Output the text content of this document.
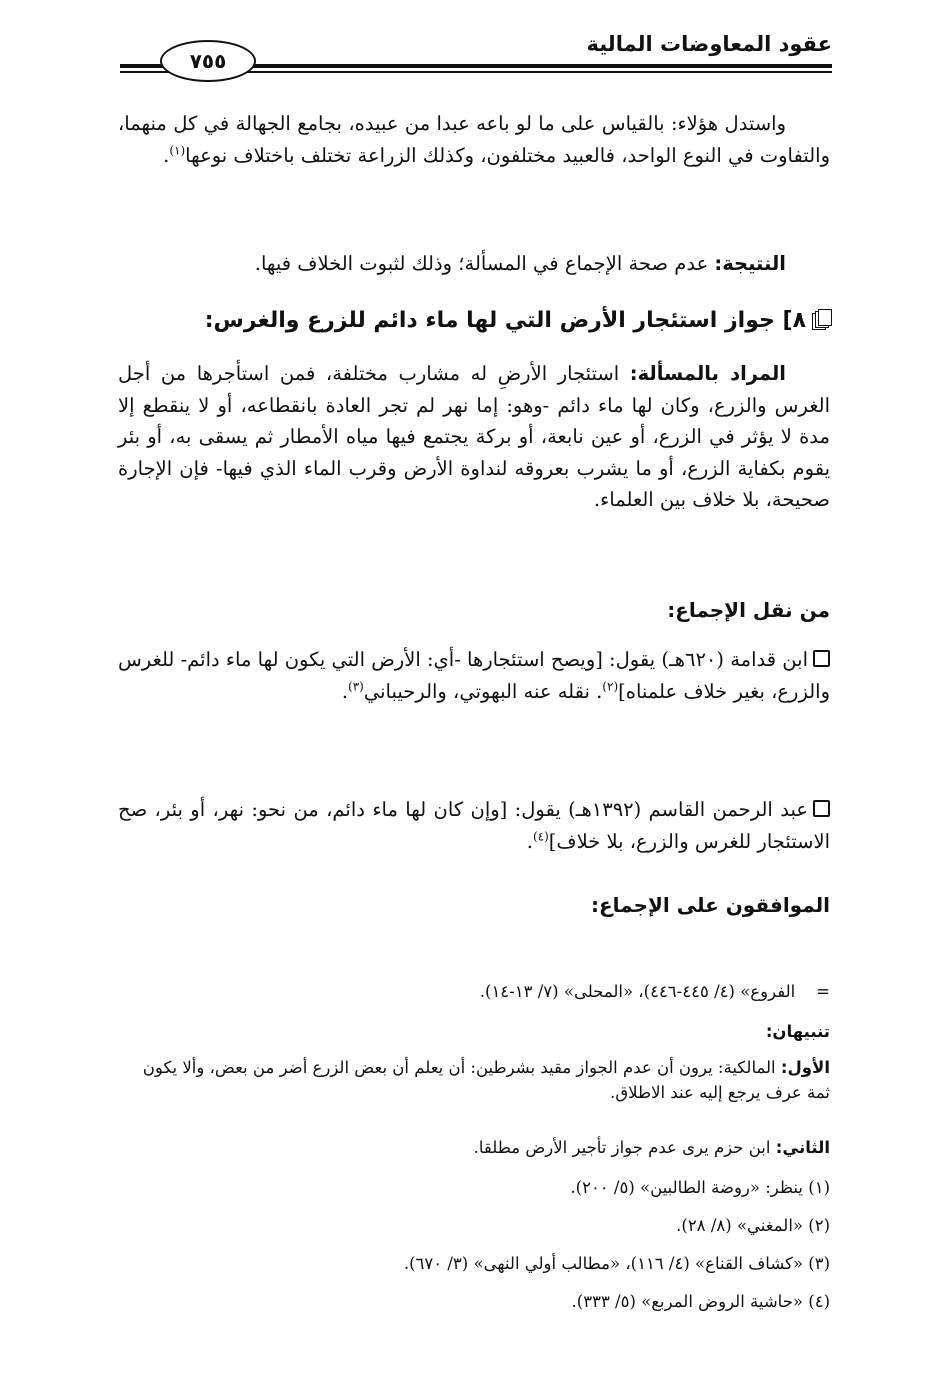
عقود المعاوضات المالية
٧٥٥

واستدل هؤلاء: بالقياس على ما لو باعه عبدا من عبيده، بجامع الجهالة في كل منهما، والتفاوت في النوع الواحد، فالعبيد مختلفون، وكذلك الزراعة تختلف باختلاف نوعها$^{(١)}$.

النتيجة: عدم صحة الإجماع في المسألة؛ وذلك لثبوت الخلاف فيها.

٨] جواز استئجار الأرض التي لها ماء دائم للزرع والغرس:

المراد بالمسألة: استئجار الأرضِ له مشارب مختلفة، فمن استأجرها من أجل الغرس والزرع، وكان لها ماء دائم -وهو: إما نهر لم تجر العادة بانقطاعه، أو لا ينقطع إلا مدة لا يؤثر في الزرع، أو عين نابعة، أو بركة يجتمع فيها مياه الأمطار ثم يسقى به، أو بئر يقوم بكفاية الزرع، أو ما يشرب بعروقه لنداوة الأرض وقرب الماء الذي فيها- فإن الإجارة صحيحة، بلا خلاف بين العلماء.

من نقل الإجماع:

ابن قدامة (٦٢٠هـ) يقول: [ويصح استئجارها -أي: الأرض التي يكون لها ماء دائم- للغرس والزرع، بغير خلاف علمناه]$^{(٢)}$. نقله عنه البهوتي، والرحيباني$^{(٣)}$.

عبد الرحمن القاسم (١٣٩٢هـ) يقول: [وإن كان لها ماء دائم، من نحو: نهر، أو بئر، صح الاستئجار للغرس والزرع، بلا خلاف]$^{(٤)}$.

الموافقون على الإجماع:

=    الفروع» (٤/ ٤٤٥-٤٤٦)، «المحلى» (٧/ ١٣-١٤).

تنبيهان:

الأول: المالكية: يرون أن عدم الجواز مقيد بشرطين: أن يعلم أن بعض الزرع أضر من بعض، وألا يكون ثمة عرف يرجع إليه عند الاطلاق.

الثاني: ابن حزم يرى عدم جواز تأجير الأرض مطلقا.

(١) ينظر: «روضة الطالبين» (٥/ ٢٠٠).

(٢) «المغني» (٨/ ٢٨).

(٣) «كشاف القناع» (٤/ ١١٦)، «مطالب أولي النهى» (٣/ ٦٧٠).

(٤) «حاشية الروض المربع» (٥/ ٣٣٣).
